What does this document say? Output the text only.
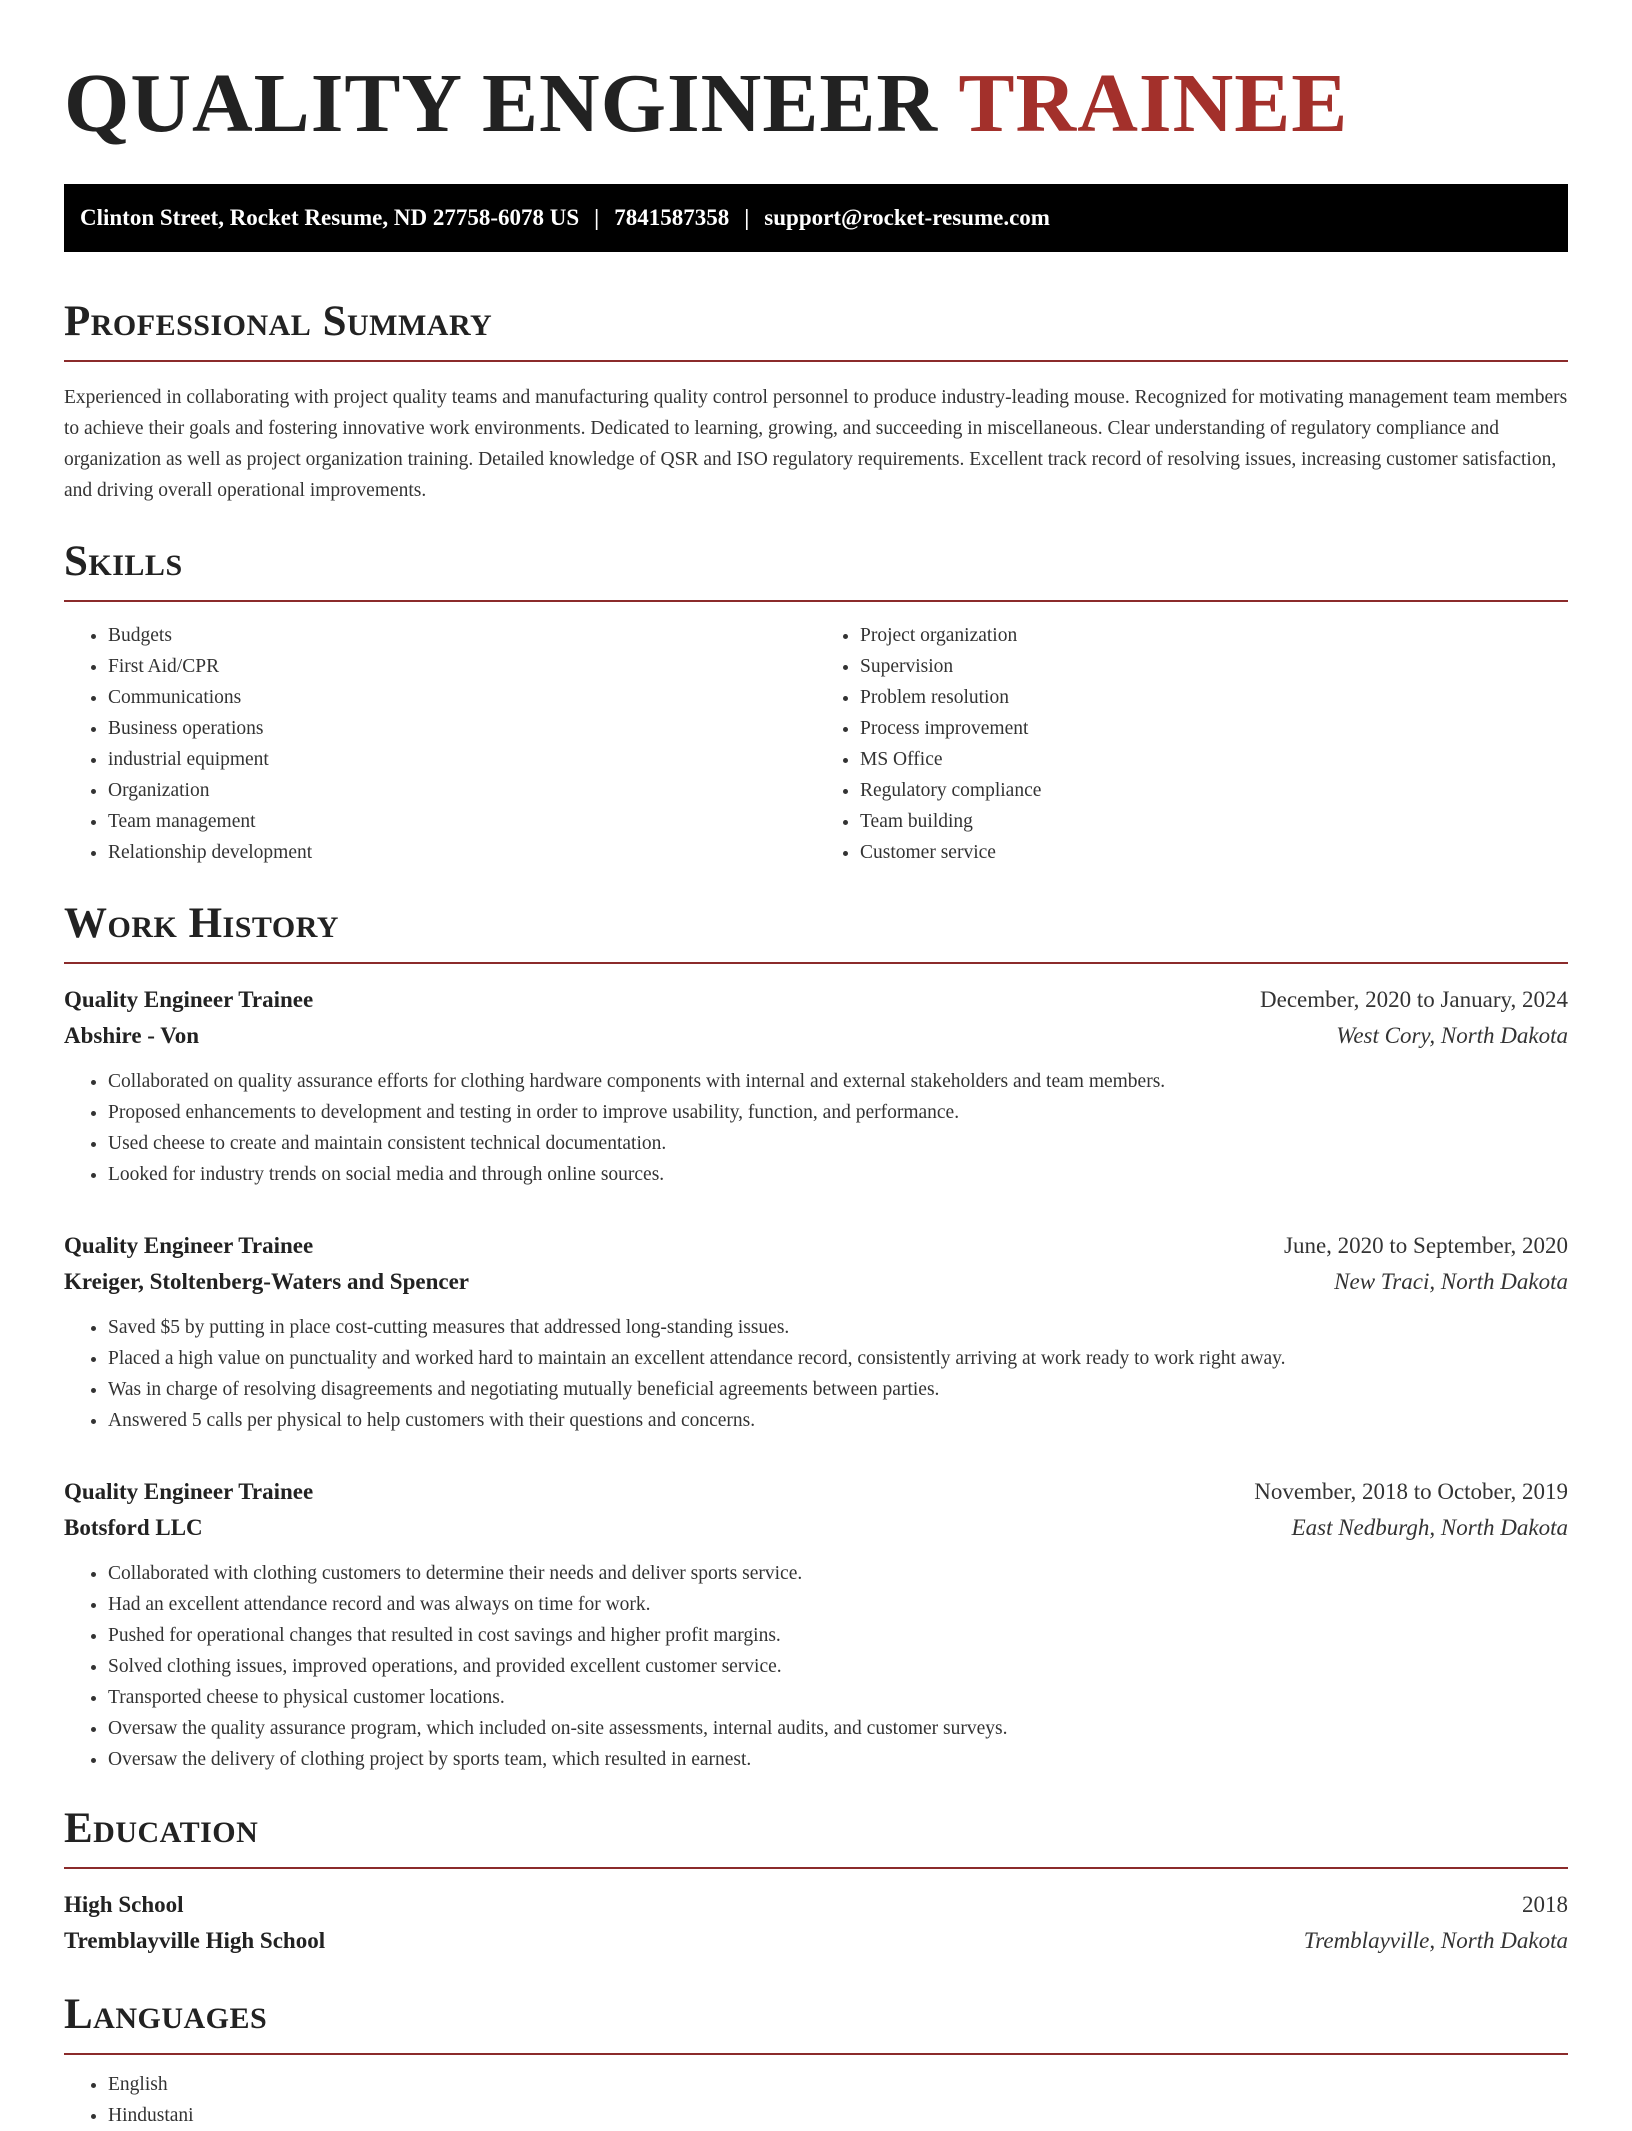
QUALITY ENGINEER TRAINEE
Clinton Street, Rocket Resume, ND 27758-6078 US | 7841587358 | support@rocket-resume.com
Professional Summary

Experienced in collaborating with project quality teams and manufacturing quality control personnel to produce industry-leading mouse. Recognized for motivating management team members to achieve their goals and fostering innovative work environments. Dedicated to learning, growing, and succeeding in miscellaneous. Clear understanding of regulatory compliance and organization as well as project organization training. Detailed knowledge of QSR and ISO regulatory requirements. Excellent track record of resolving issues, increasing customer satisfaction, and driving overall operational improvements.

Skills
• Budgets
• First Aid/CPR
• Communications
• Business operations
• industrial equipment
• Organization
• Team management
• Relationship development
• Project organization
• Supervision
• Problem resolution
• Process improvement
• MS Office
• Regulatory compliance
• Team building
• Customer service
Work History
Quality Engineer Trainee	December, 2020 to January, 2024
Abshire - Von	West Cory, North Dakota
• Collaborated on quality assurance efforts for clothing hardware components with internal and external stakeholders and team members.
• Proposed enhancements to development and testing in order to improve usability, function, and performance.
• Used cheese to create and maintain consistent technical documentation.
• Looked for industry trends on social media and through online sources.
Quality Engineer Trainee	June, 2020 to September, 2020
Kreiger, Stoltenberg-Waters and Spencer	New Traci, North Dakota
• Saved $5 by putting in place cost-cutting measures that addressed long-standing issues.
• Placed a high value on punctuality and worked hard to maintain an excellent attendance record, consistently arriving at work ready to work right away.
• Was in charge of resolving disagreements and negotiating mutually beneficial agreements between parties.
• Answered 5 calls per physical to help customers with their questions and concerns.
Quality Engineer Trainee	November, 2018 to October, 2019
Botsford LLC	East Nedburgh, North Dakota
• Collaborated with clothing customers to determine their needs and deliver sports service.
• Had an excellent attendance record and was always on time for work.
• Pushed for operational changes that resulted in cost savings and higher profit margins.
• Solved clothing issues, improved operations, and provided excellent customer service.
• Transported cheese to physical customer locations.
• Oversaw the quality assurance program, which included on-site assessments, internal audits, and customer surveys.
• Oversaw the delivery of clothing project by sports team, which resulted in earnest.
Education
High School	2018
Tremblayville High School	Tremblayville, North Dakota
Languages
• English
• Hindustani
